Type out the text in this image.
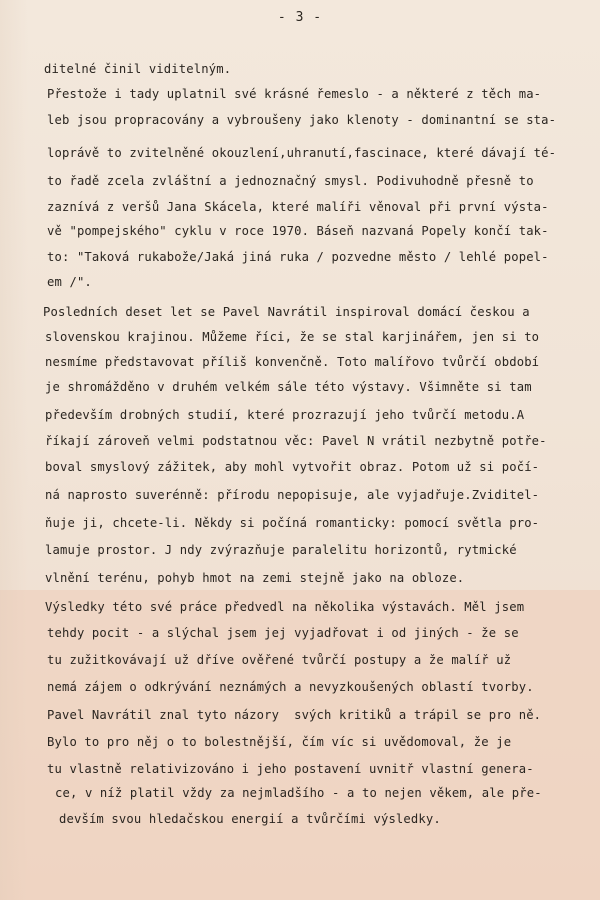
- 3 -
ditelné činil viditelným.
Přestože i tady uplatnil své krásné řemeslo - a některé z těch ma-
leb jsou propracovány a vybroušeny jako klenoty - dominantní se sta-
loprávě to zvitelněné okouzlení,uhranutí,fascinace, které dávají té-
to řadě zcela zvláštní a jednoznačný smysl. Podivuhodně přesně to
zaznívá z veršů Jana Skácela, které malíři věnoval při první výsta-
vě "pompejského" cyklu v roce 1970. Báseň nazvaná Popely končí tak-
to: "Taková rukabože/Jaká jiná ruka / pozvedne město / lehlé popel-
em /".
Posledních deset let se Pavel Navrátil inspiroval domácí českou a
slovenskou krajinou. Můžeme říci, že se stal karjinářem, jen si to
nesmíme představovat příliš konvenčně. Toto malířovo tvůrčí období
je shromážděno v druhém velkém sále této výstavy. Všimněte si tam
především drobných studií, které prozrazují jeho tvůrčí metodu.A
říkají zároveň velmi podstatnou věc: Pavel N vrátil nezbytně potře-
boval smyslový zážitek, aby mohl vytvořit obraz. Potom už si počí-
ná naprosto suverénně: přírodu nepopisuje, ale vyjadřuje.Zviditel-
ňuje ji, chcete-li. Někdy si počíná romanticky: pomocí světla pro-
lamuje prostor. J ndy zvýrazňuje paralelitu horizontů, rytmické
vlnění terénu, pohyb hmot na zemi stejně jako na obloze.
Výsledky této své práce předvedl na několika výstavách. Měl jsem
tehdy pocit - a slýchal jsem jej vyjadřovat i od jiných - že se
tu zužitkovávají už dříve ověřené tvůrčí postupy a že malíř už
nemá zájem o odkrývání neznámých a nevyzkoušených oblastí tvorby.
Pavel Navrátil znal tyto názory  svých kritiků a trápil se pro ně.
Bylo to pro něj o to bolestnější, čím víc si uvědomoval, že je
tu vlastně relativizováno i jeho postavení uvnitř vlastní genera-
ce, v níž platil vždy za nejmladšího - a to nejen věkem, ale pře-
devším svou hledačskou energií a tvůrčími výsledky.
